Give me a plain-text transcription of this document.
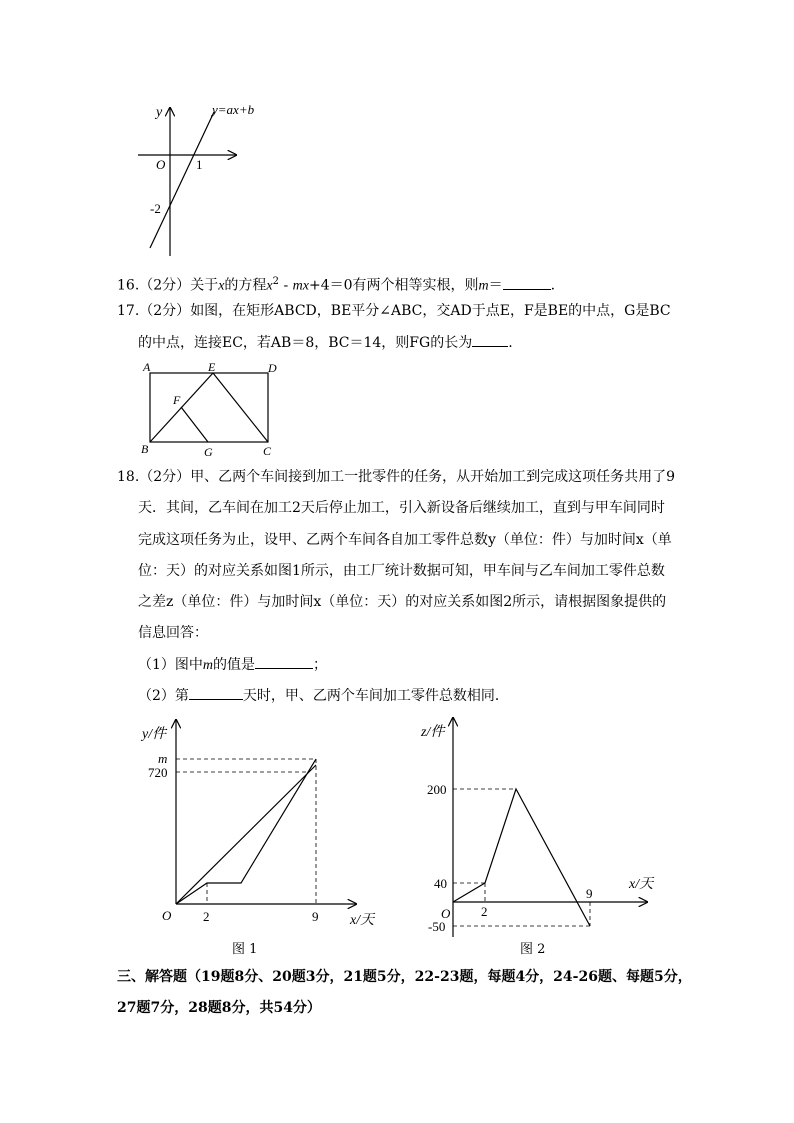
y=ax+b
y
O 1
-2
16.（2分）关于x的方程$x^2 - mx+4=0$有两个相等实根，则m＝	.
17.（2分）如图，在矩形ABCD，BE平分∠ABC，交AD于点E，F是BE的中点，G是BC
的中点，连接EC，若AB＝8，BC＝14，则FG的长为	.
A	E	D
F
B	G	C
18.（2分）甲、乙两个车间接到加工一批零件的任务，从开始加工到完成这项任务共用了9
天．其间，乙车间在加工2天后停止加工，引入新设备后继续加工，直到与甲车间同时
完成这项任务为止，设甲、乙两个车间各自加工零件总数y（单位：件）与加时间x（单
位：天）的对应关系如图1所示，由工厂统计数据可知，甲车间与乙车间加工零件总数
之差z（单位：件）与加时间x（单位：天）的对应关系如图2所示，请根据图象提供的
信息回答：
（1）图中m的值是	；
（2）第	天时，甲、乙两个车间加工零件总数相同．
y/件
m
720
O 2	9 x/天
图 1
z/件
200
40
-50
O 2
9
x/天
图 2
三、解答题（19题8分、20题3分，21题5分，22-23题，每题4分，24-26题、每题5分，
27题7分，28题8分，共54分）
